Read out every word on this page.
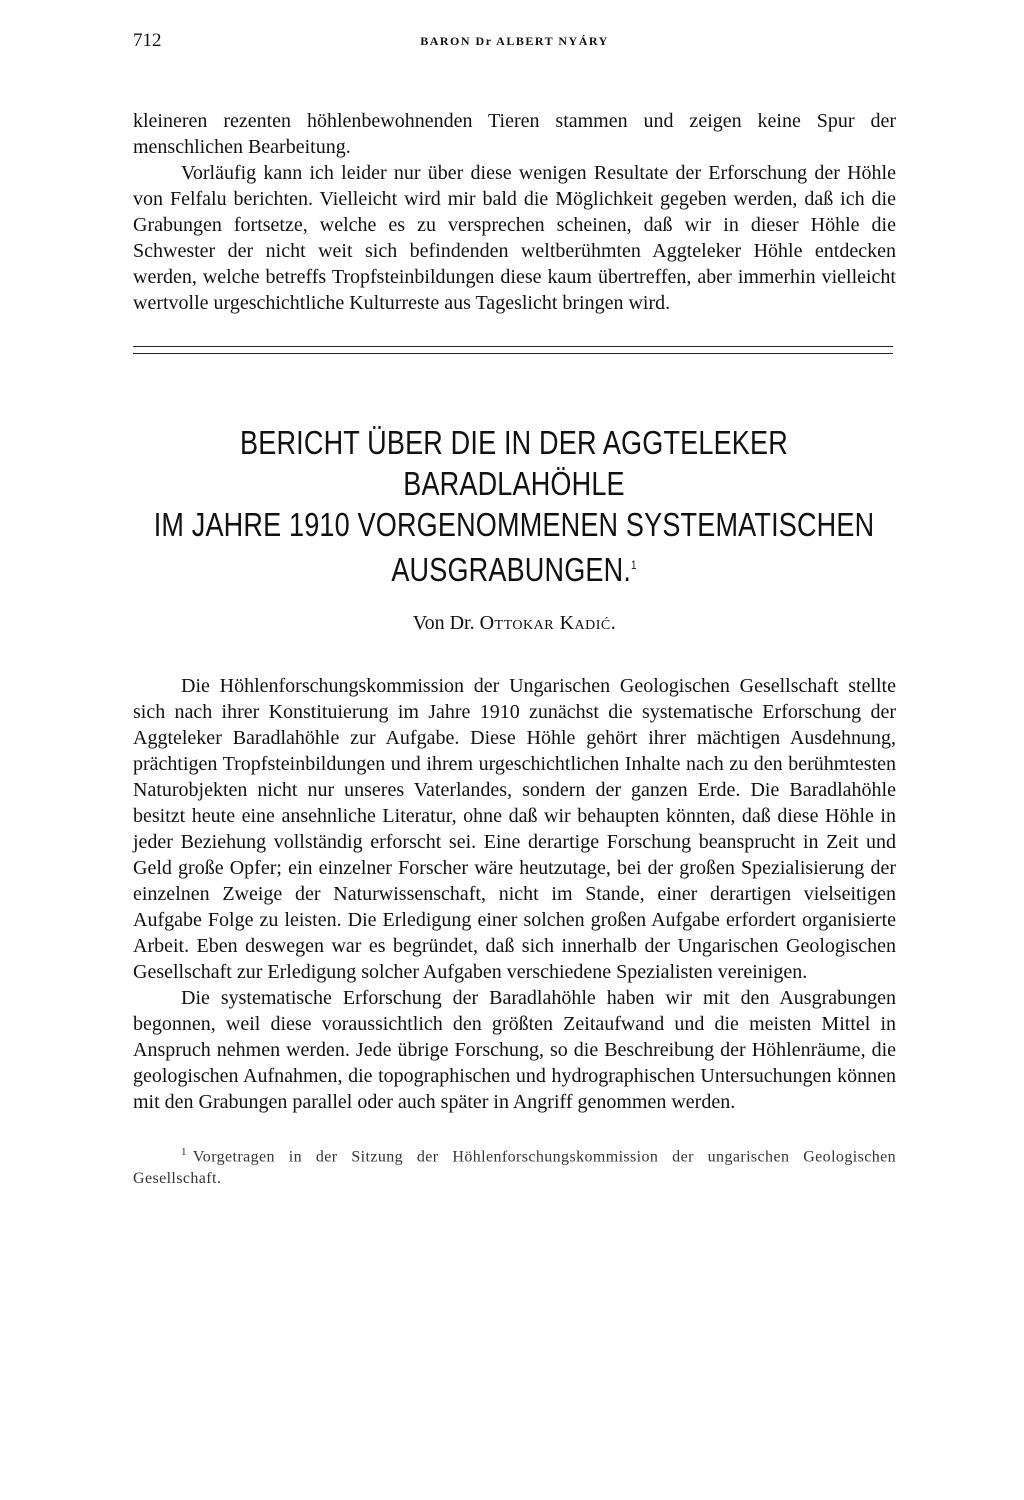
712	BARON Dr ALBERT NYÁRY

kleineren rezenten höhlenbewohnenden Tieren stammen und zeigen keine Spur der menschlichen Bearbeitung.

Vorläufig kann ich leider nur über diese wenigen Resultate der Erforschung der Höhle von Felfalu berichten. Vielleicht wird mir bald die Möglichkeit gegeben werden, daß ich die Grabungen fortsetze, welche es zu versprechen scheinen, daß wir in dieser Höhle die Schwester der nicht weit sich befindenden weltberühmten Aggteleker Höhle entdecken werden, welche betreffs Tropfsteinbildungen diese kaum übertreffen, aber immerhin vielleicht wertvolle urgeschichtliche Kulturreste aus Tageslicht bringen wird.

BERICHT ÜBER DIE IN DER AGGTELEKER BARADLAHÖHLE
IM JAHRE 1910 VORGENOMMENEN SYSTEMATISCHEN
AUSGRABUNGEN.$^1$
Von Dr. Ottokar Kadić.

Die Höhlenforschungskommission der Ungarischen Geologischen Gesellschaft stellte sich nach ihrer Konstituierung im Jahre 1910 zunächst die systematische Erforschung der Aggteleker Baradlahöhle zur Aufgabe. Diese Höhle gehört ihrer mächtigen Ausdehnung, prächtigen Tropfsteinbildungen und ihrem urgeschichtlichen Inhalte nach zu den berühmtesten Naturobjekten nicht nur unseres Vaterlandes, sondern der ganzen Erde. Die Baradlahöhle besitzt heute eine ansehnliche Literatur, ohne daß wir behaupten könnten, daß diese Höhle in jeder Beziehung vollständig erforscht sei. Eine derartige Forschung beansprucht in Zeit und Geld große Opfer; ein einzelner Forscher wäre heutzutage, bei der großen Spezialisierung der einzelnen Zweige der Naturwissenschaft, nicht im Stande, einer derartigen vielseitigen Aufgabe Folge zu leisten. Die Erledigung einer solchen großen Aufgabe erfordert organisierte Arbeit. Eben deswegen war es begründet, daß sich innerhalb der Ungarischen Geologischen Gesellschaft zur Erledigung solcher Aufgaben verschiedene Spezialisten vereinigen.

Die systematische Erforschung der Baradlahöhle haben wir mit den Ausgrabungen begonnen, weil diese voraussichtlich den größten Zeitaufwand und die meisten Mittel in Anspruch nehmen werden. Jede übrige Forschung, so die Beschreibung der Höhlenräume, die geologischen Aufnahmen, die topographischen und hydrographischen Untersuchungen können mit den Grabungen parallel oder auch später in Angriff genommen werden.

$^1$ Vorgetragen in der Sitzung der Höhlenforschungskommission der ungarischen Geologischen Gesellschaft.
